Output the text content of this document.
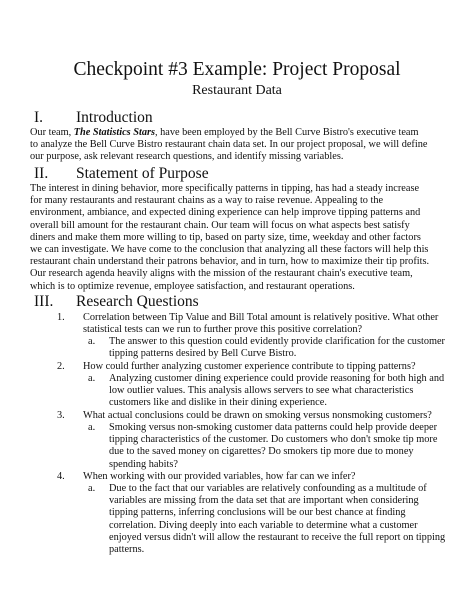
Checkpoint #3 Example: Project Proposal
Restaurant Data
I. Introduction

Our team, The Statistics Stars, have been employed by the Bell Curve Bistro's executive team

to analyze the Bell Curve Bistro restaurant chain data set. In our project proposal, we will define

our purpose, ask relevant research questions, and identify missing variables.

II. Statement of Purpose

The interest in dining behavior, more specifically patterns in tipping, has had a steady increase

for many restaurants and restaurant chains as a way to raise revenue. Appealing to the

environment, ambiance, and expected dining experience can help improve tipping patterns and

overall bill amount for the restaurant chain. Our team will focus on what aspects best satisfy

diners and make them more willing to tip, based on party size, time, weekday and other factors

we can investigate. We have come to the conclusion that analyzing all these factors will help this

restaurant chain understand their patrons behavior, and in turn, how to maximize their tip profits.

Our research agenda heavily aligns with the mission of the restaurant chain's executive team,

which is to optimize revenue, employee satisfaction, and restaurant operations.

III. Research Questions
1. Correlation between Tip Value and Bill Total amount is relatively positive. What other

statistical tests can we run to further prove this positive correlation?

a. The answer to this question could evidently provide clarification for the customer

tipping patterns desired by Bell Curve Bistro.

2. How could further analyzing customer experience contribute to tipping patterns?

a. Analyzing customer dining experience could provide reasoning for both high and

low outlier values. This analysis allows servers to see what characteristics

customers like and dislike in their dining experience.

3. What actual conclusions could be drawn on smoking versus nonsmoking customers?

a. Smoking versus non-smoking customer data patterns could help provide deeper

tipping characteristics of the customer. Do customers who don't smoke tip more

due to the saved money on cigarettes? Do smokers tip more due to money

spending habits?

4. When working with our provided variables, how far can we infer?

a. Due to the fact that our variables are relatively confounding as a multitude of

variables are missing from the data set that are important when considering

tipping patterns, inferring conclusions will be our best chance at finding

correlation. Diving deeply into each variable to determine what a customer

enjoyed versus didn't will allow the restaurant to receive the full report on tipping

patterns.
